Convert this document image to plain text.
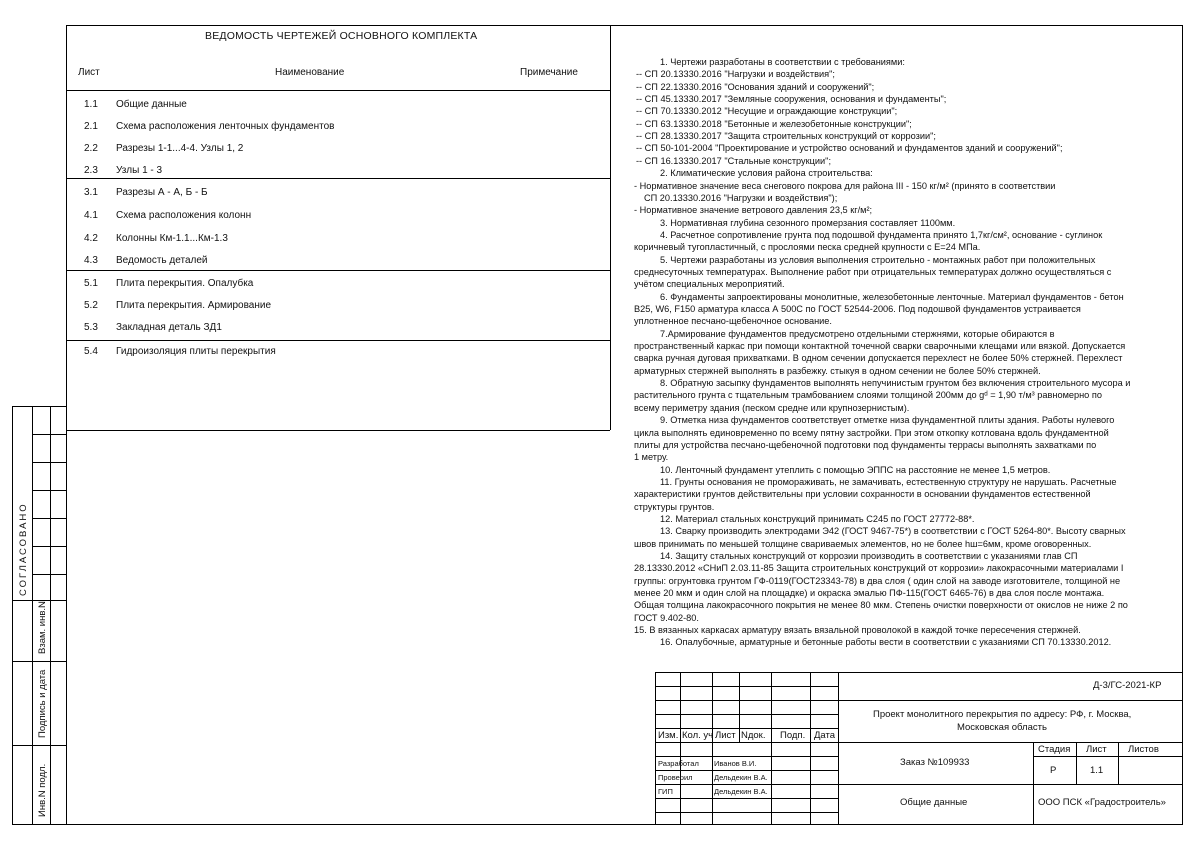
СОГЛАСОВАНО
Взам. инв.N
Подпись и дата
Инв.N подл.
ВЕДОМОСТЬ ЧЕРТЕЖЕЙ ОСНОВНОГО КОМПЛЕКТА
Лист	Наименование	Примечание
1.1 Общие данные
2.1 Схема расположения ленточных фундаментов
2.2 Разрезы 1-1...4-4. Узлы 1, 2
2.3 Узлы 1 - 3
3.1 Разрезы А - А, Б - Б
4.1 Схема расположения колонн
4.2 Колонны Км-1.1...Км-1.3
4.3 Ведомость деталей
5.1 Плита перекрытия. Опалубка
5.2 Плита перекрытия. Армирование
5.3 Закладная деталь ЗД1
5.4 Гидроизоляция плиты перекрытия
1. Чертежи разработаны в соответствии с требованиями:
-- СП 20.13330.2016 "Нагрузки и воздействия";
-- СП 22.13330.2016 "Основания зданий и сооружений";
-- СП 45.13330.2017 "Земляные сооружения, основания и фундаменты";
-- СП 70.13330.2012 "Несущие и ограждающие конструкции";
-- СП 63.13330.2018 "Бетонные и железобетонные конструкции";
-- СП 28.13330.2017 "Защита строительных конструкций от коррозии";
-- СП 50-101-2004 "Проектирование и устройство оснований и фундаментов зданий и сооружений";
-- СП 16.13330.2017 "Стальные конструкции";
2. Климатические условия района строительства:
- Нормативное значение веса снегового покрова для района III - 150 кг/м² (принято в соответствии
СП 20.13330.2016 "Нагрузки и воздействия");
- Нормативное значение ветрового давления 23,5 кг/м²;
3. Нормативная глубина сезонного промерзания составляет 1100мм.
4. Расчетное сопротивление грунта под подошвой фундамента принято 1,7кг/см², основание - суглинок
коричневый тугопластичный, с прослоями песка средней крупности с Е=24 МПа.
5. Чертежи разработаны из условия выполнения строительно - монтажных работ при положительных
среднесуточных температурах. Выполнение работ при отрицательных температурах должно осуществляться с
учётом специальных мероприятий.
6. Фундаменты запроектированы монолитные, железобетонные ленточные. Материал фундаментов - бетон
B25, W6, F150 арматура класса А 500С по ГОСТ 52544-2006. Под подошвой фундаментов устраивается
уплотненное песчано-щебеночное основание.
7.Армирование фундаментов предусмотрено отдельными стержнями, которые обираются в
пространственный каркас при помощи контактной точечной сварки сварочными клещами или вязкой. Допускается
сварка ручная дуговая прихватками. В одном сечении допускается перехлест не более 50% стержней. Перехлест
арматурных стержней выполнять в разбежку. стыкуя в одном сечении не более 50% стержней.
8. Обратную засыпку фундаментов выполнять непучинистым грунтом без включения строительного мусора и
растительного грунта с тщательным трамбованием слоями толщиной 200мм до gᵈ = 1,90 т/м³ равномерно по
всему периметру здания (песком средне или крупнозернистым).
9. Отметка низа фундаментов соответствует отметке низа фундаментной плиты здания. Работы нулевого
цикла выполнять единовременно по всему пятну застройки. При этом откопку котлована вдоль фундаментной
плиты для устройства песчано-щебеночной подготовки под фундаменты террасы выполнять захватками по
1 метру.
10. Ленточный фундамент утеплить с помощью ЭППС на расстояние не менее 1,5 метров.
11. Грунты основания не промораживать, не замачивать, естественную структуру не нарушать. Расчетные
характеристики грунтов действительны при условии сохранности в основании фундаментов естественной
структуры грунтов.
12. Материал стальных конструкций принимать С245 по ГОСТ 27772-88*.
13. Сварку производить электродами Э42 (ГОСТ 9467-75*) в соответствии с ГОСТ 5264-80*. Высоту сварных
швов принимать по меньшей толщине свариваемых элементов, но не более hш=6мм, кроме оговоренных.
14. Защиту стальных конструкций от коррозии производить в соответствии с указаниями глав СП
28.13330.2012 «СНиП 2.03.11-85 Защита строительных конструкций от коррозии» лакокрасочными материалами I
группы: огрунтовка грунтом ГФ-0119(ГОСТ23343-78) в два слоя ( один слой на заводе изготовителе, толщиной не
менее 20 мкм и один слой на площадке) и окраска эмалью ПФ-115(ГОСТ 6465-76) в два слоя после монтажа.
Общая толщина лакокрасочного покрытия не менее 80 мкм. Степень очистки поверхности от окислов не ниже 2 по
ГОСТ 9.402-80.
15. В вязанных каркасах арматуру вязать вязальной проволокой в каждой точке пересечения стержней.
16. Опалубочные, арматурные и бетонные работы вести в соответствии с указаниями СП 70.13330.2012.
Изм. Кол. уч Лист Nдок. Подп. Дата
Разработал Иванов В.И.
Проверил	Дельдекин В.А.
ГИП	Дельдекин В.А.
Д-3/ГС-2021-КР
Проект монолитного перекрытия по адресу: РФ, г. Москва,
Московская область
Заказ №109933
Общие данные	ООО ПСК «Градостроитель»
Стадия Лист Листов
Р	1.1
